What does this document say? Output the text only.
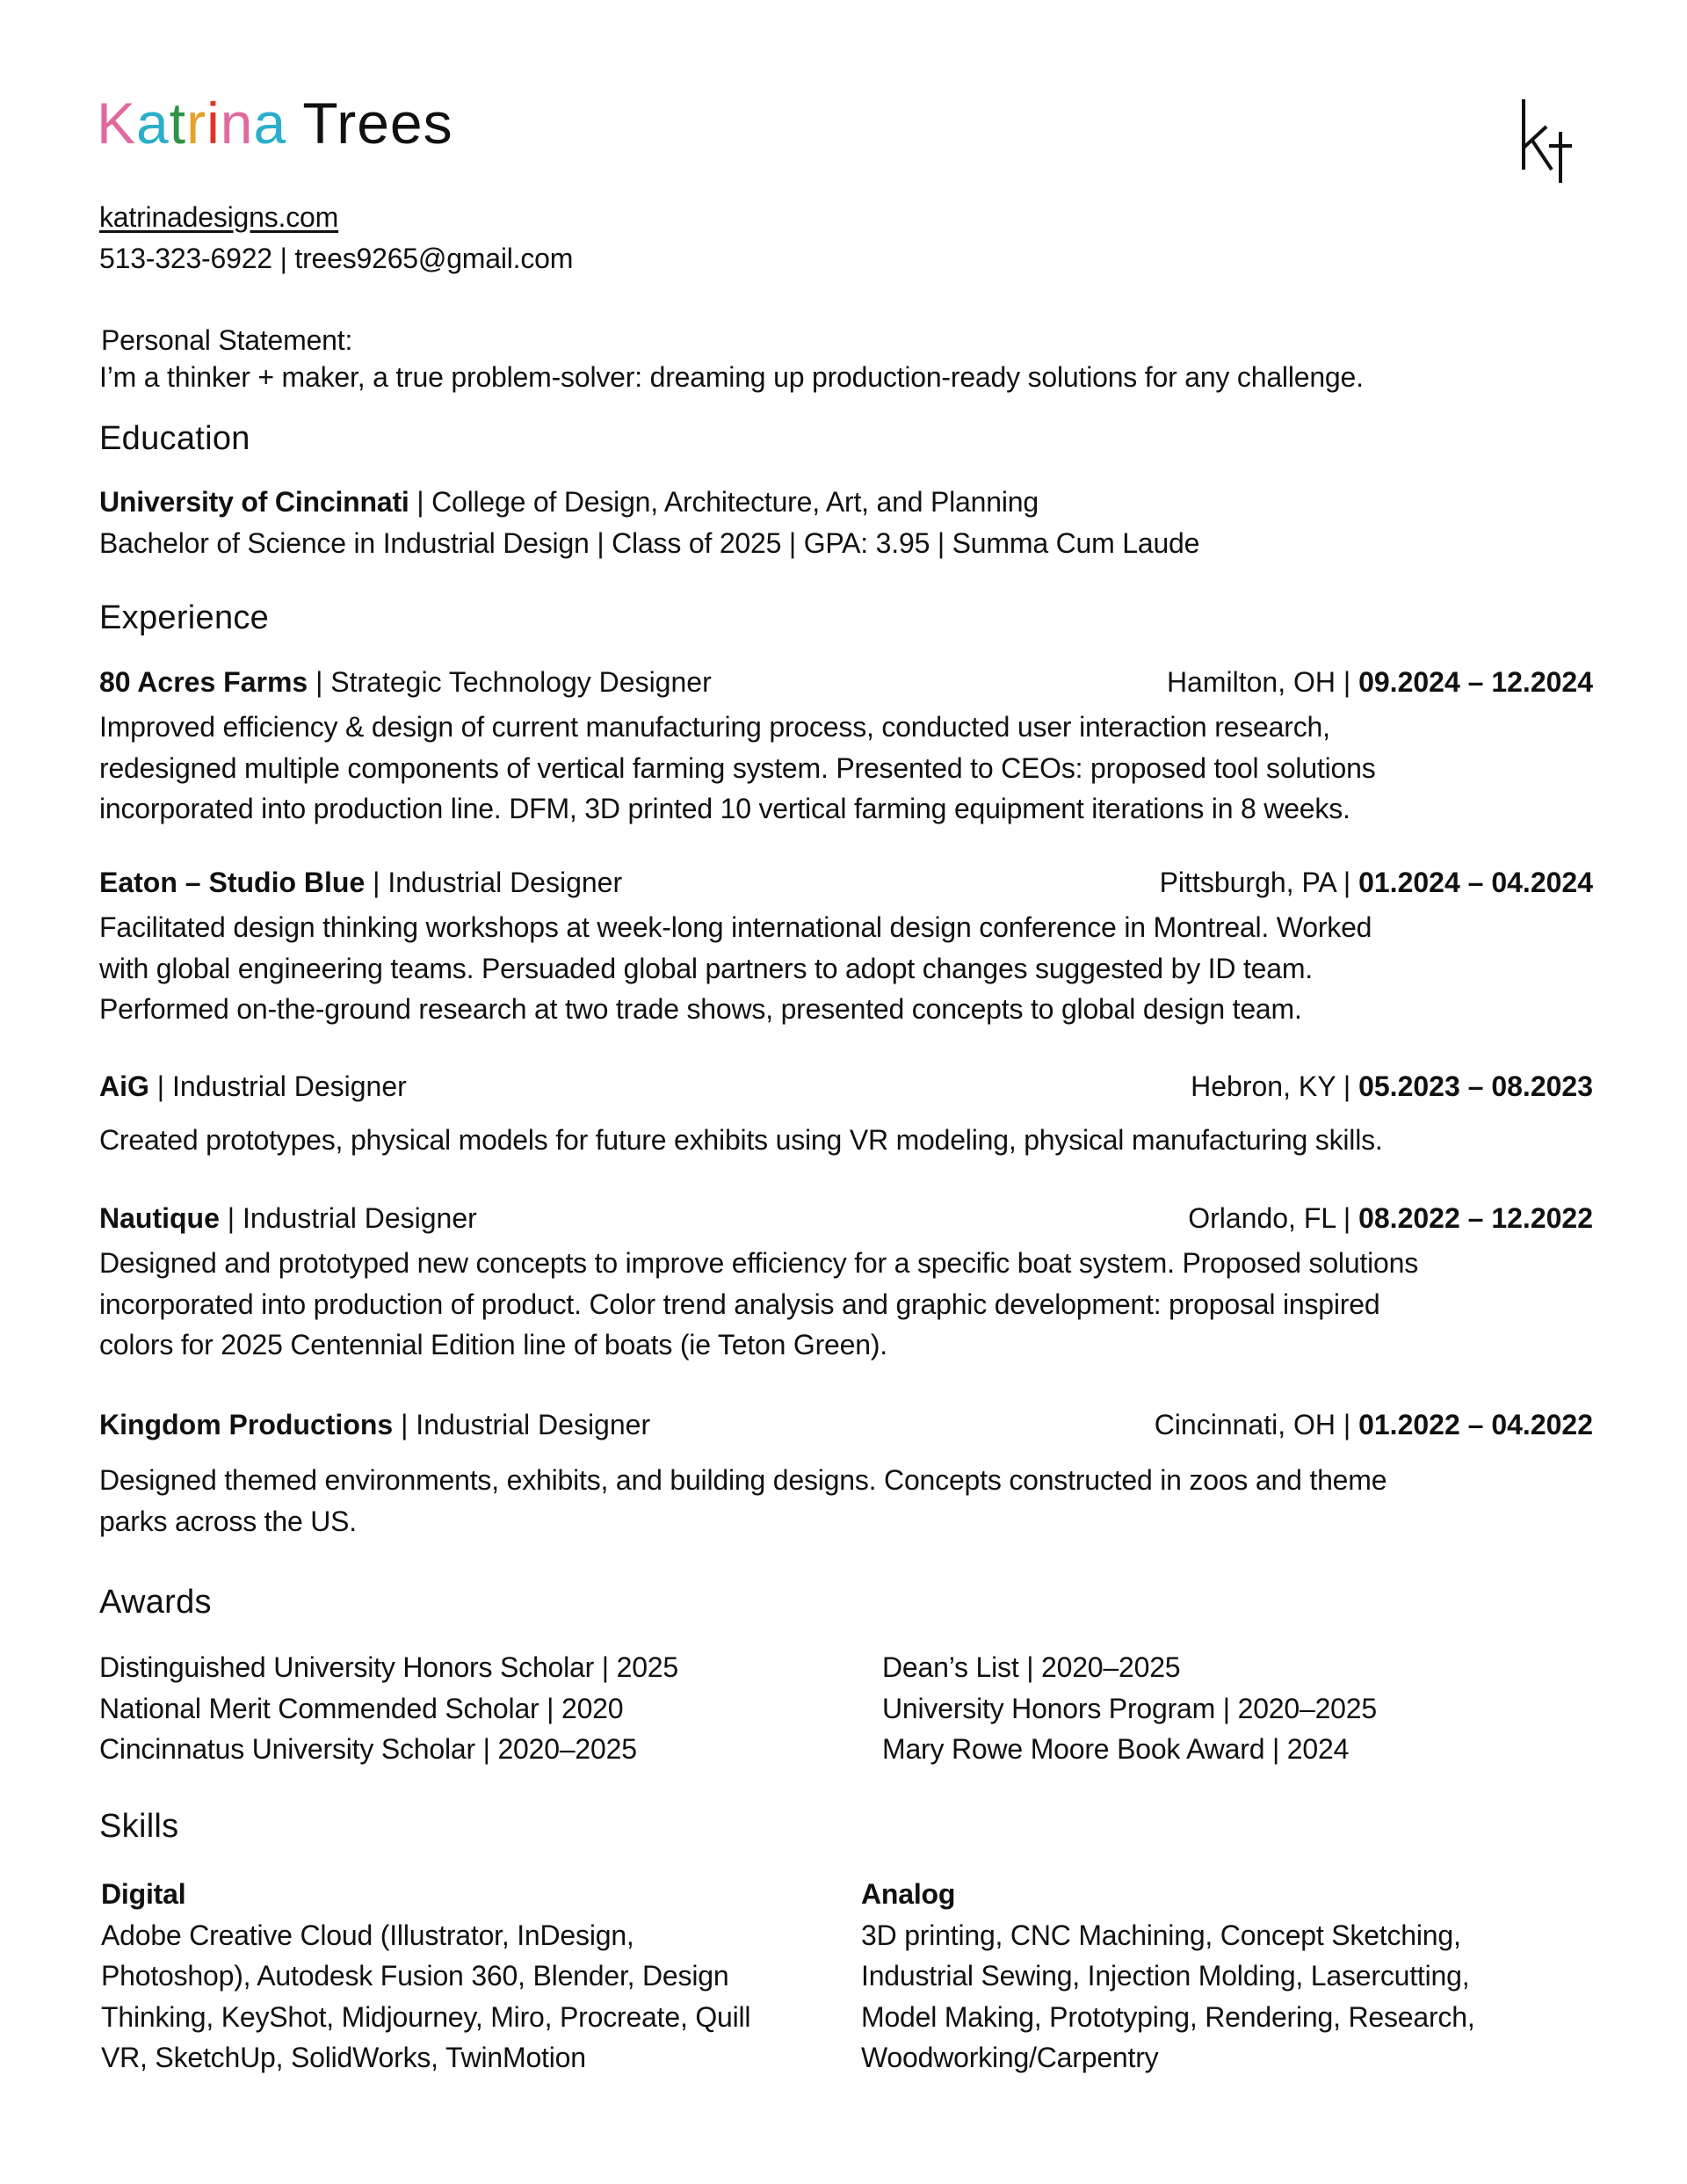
Katrina Trees
katrinadesigns.com
513-323-6922 | trees9265@gmail.com
Personal Statement:
I’m a thinker + maker, a true problem-solver: dreaming up production-ready solutions for any challenge.
Education
University of Cincinnati | College of Design, Architecture, Art, and Planning
Bachelor of Science in Industrial Design | Class of 2025 | GPA: 3.95 | Summa Cum Laude
Experience
80 Acres Farms | Strategic Technology Designer	Hamilton, OH | 09.2024 – 12.2024
Improved efficiency & design of current manufacturing process, conducted user interaction research,
redesigned multiple components of vertical farming system. Presented to CEOs: proposed tool solutions
incorporated into production line. DFM, 3D printed 10 vertical farming equipment iterations in 8 weeks.
Eaton – Studio Blue | Industrial Designer	Pittsburgh, PA | 01.2024 – 04.2024
Facilitated design thinking workshops at week-long international design conference in Montreal. Worked
with global engineering teams. Persuaded global partners to adopt changes suggested by ID team.
Performed on-the-ground research at two trade shows, presented concepts to global design team.
AiG | Industrial Designer	Hebron, KY | 05.2023 – 08.2023
Created prototypes, physical models for future exhibits using VR modeling, physical manufacturing skills.
Nautique | Industrial Designer	Orlando, FL | 08.2022 – 12.2022
Designed and prototyped new concepts to improve efficiency for a specific boat system. Proposed solutions
incorporated into production of product. Color trend analysis and graphic development: proposal inspired
colors for 2025 Centennial Edition line of boats (ie Teton Green).
Kingdom Productions | Industrial Designer	Cincinnati, OH | 01.2022 – 04.2022
Designed themed environments, exhibits, and building designs. Concepts constructed in zoos and theme
parks across the US.
Awards
Distinguished University Honors Scholar | 2025
National Merit Commended Scholar | 2020
Cincinnatus University Scholar | 2020–2025
Dean’s List | 2020–2025
University Honors Program | 2020–2025
Mary Rowe Moore Book Award | 2024
Skills
Digital
Adobe Creative Cloud (Illustrator, InDesign,
Photoshop), Autodesk Fusion 360, Blender, Design
Thinking, KeyShot, Midjourney, Miro, Procreate, Quill
VR, SketchUp, SolidWorks, TwinMotion
Analog
3D printing, CNC Machining, Concept Sketching,
Industrial Sewing, Injection Molding, Lasercutting,
Model Making, Prototyping, Rendering, Research,
Woodworking/Carpentry
